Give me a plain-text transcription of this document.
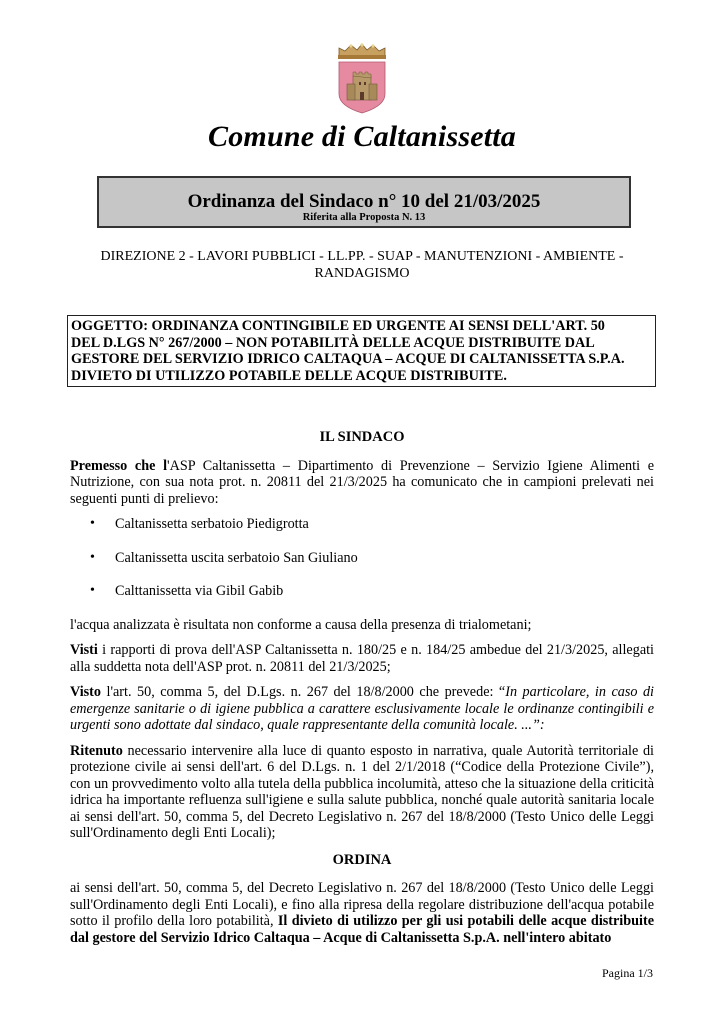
Comune di Caltanissetta
Ordinanza del Sindaco n° 10 del 21/03/2025
Riferita alla Proposta N. 13
DIREZIONE 2 - LAVORI PUBBLICI - LL.PP. - SUAP - MANUTENZIONI - AMBIENTE -
RANDAGISMO
OGGETTO: ORDINANZA CONTINGIBILE ED URGENTE AI SENSI DELL'ART. 50
DEL D.LGS N° 267/2000 – NON POTABILITÀ DELLE ACQUE DISTRIBUITE DAL
GESTORE DEL SERVIZIO IDRICO CALTAQUA – ACQUE DI CALTANISSETTA S.P.A.
DIVIETO DI UTILIZZO POTABILE DELLE ACQUE DISTRIBUITE.
IL SINDACO
Premesso che l'ASP Caltanissetta – Dipartimento di Prevenzione – Servizio Igiene Alimenti e Nutrizione, con sua nota prot. n. 20811 del 21/3/2025 ha comunicato che in campioni prelevati nei seguenti punti di prelievo:
•	Caltanissetta serbatoio Piedigrotta
•	Caltanissetta uscita serbatoio San Giuliano
•	Calttanissetta via Gibil Gabib
l'acqua analizzata è risultata non conforme a causa della presenza di trialometani;
Visti i rapporti di prova dell'ASP Caltanissetta n. 180/25 e n. 184/25 ambedue del 21/3/2025, allegati alla suddetta nota dell'ASP prot. n. 20811 del 21/3/2025;
Visto l'art. 50, comma 5, del D.Lgs. n. 267 del 18/8/2000 che prevede: “In particolare, in caso di emergenze sanitarie o di igiene pubblica a carattere esclusivamente locale le ordinanze contingibili e urgenti sono adottate dal sindaco, quale rappresentante della comunità locale. ...”:
Ritenuto necessario intervenire alla luce di quanto esposto in narrativa, quale Autorità territoriale di protezione civile ai sensi dell'art. 6 del D.Lgs. n. 1 del 2/1/2018 (“Codice della Protezione Civile”), con un provvedimento volto alla tutela della pubblica incolumità, atteso che la situazione della criticità idrica ha importante refluenza sull'igiene e sulla salute pubblica, nonché quale autorità sanitaria locale ai sensi dell'art. 50, comma 5, del Decreto Legislativo n. 267 del 18/8/2000 (Testo Unico delle Leggi sull'Ordinamento degli Enti Locali);
ORDINA
ai sensi dell'art. 50, comma 5, del Decreto Legislativo n. 267 del 18/8/2000 (Testo Unico delle Leggi sull'Ordinamento degli Enti Locali), e fino alla ripresa della regolare distribuzione dell'acqua potabile sotto il profilo della loro potabilità, Il divieto di utilizzo per gli usi potabili delle acque distribuite dal gestore del Servizio Idrico Caltaqua – Acque di Caltanissetta S.p.A. nell'intero abitato
Pagina 1/3
